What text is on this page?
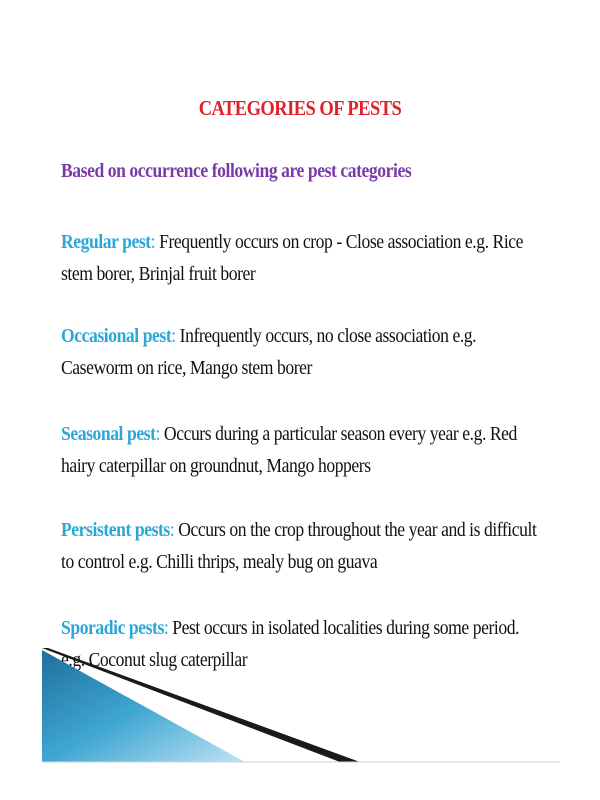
CATEGORIES OF PESTS
Based on occurrence following are pest categories
Regular pest: Frequently occurs on crop - Close association e.g. Rice stem borer, Brinjal fruit borer
Occasional pest: Infrequently occurs, no close association e.g. Caseworm on rice, Mango stem borer
Seasonal pest: Occurs during a particular season every year e.g. Red hairy caterpillar on groundnut, Mango hoppers
Persistent pests: Occurs on the crop throughout the year and is difficult to control e.g. Chilli thrips, mealy bug on guava
Sporadic pests: Pest occurs in isolated localities during some period. e.g. Coconut slug caterpillar
